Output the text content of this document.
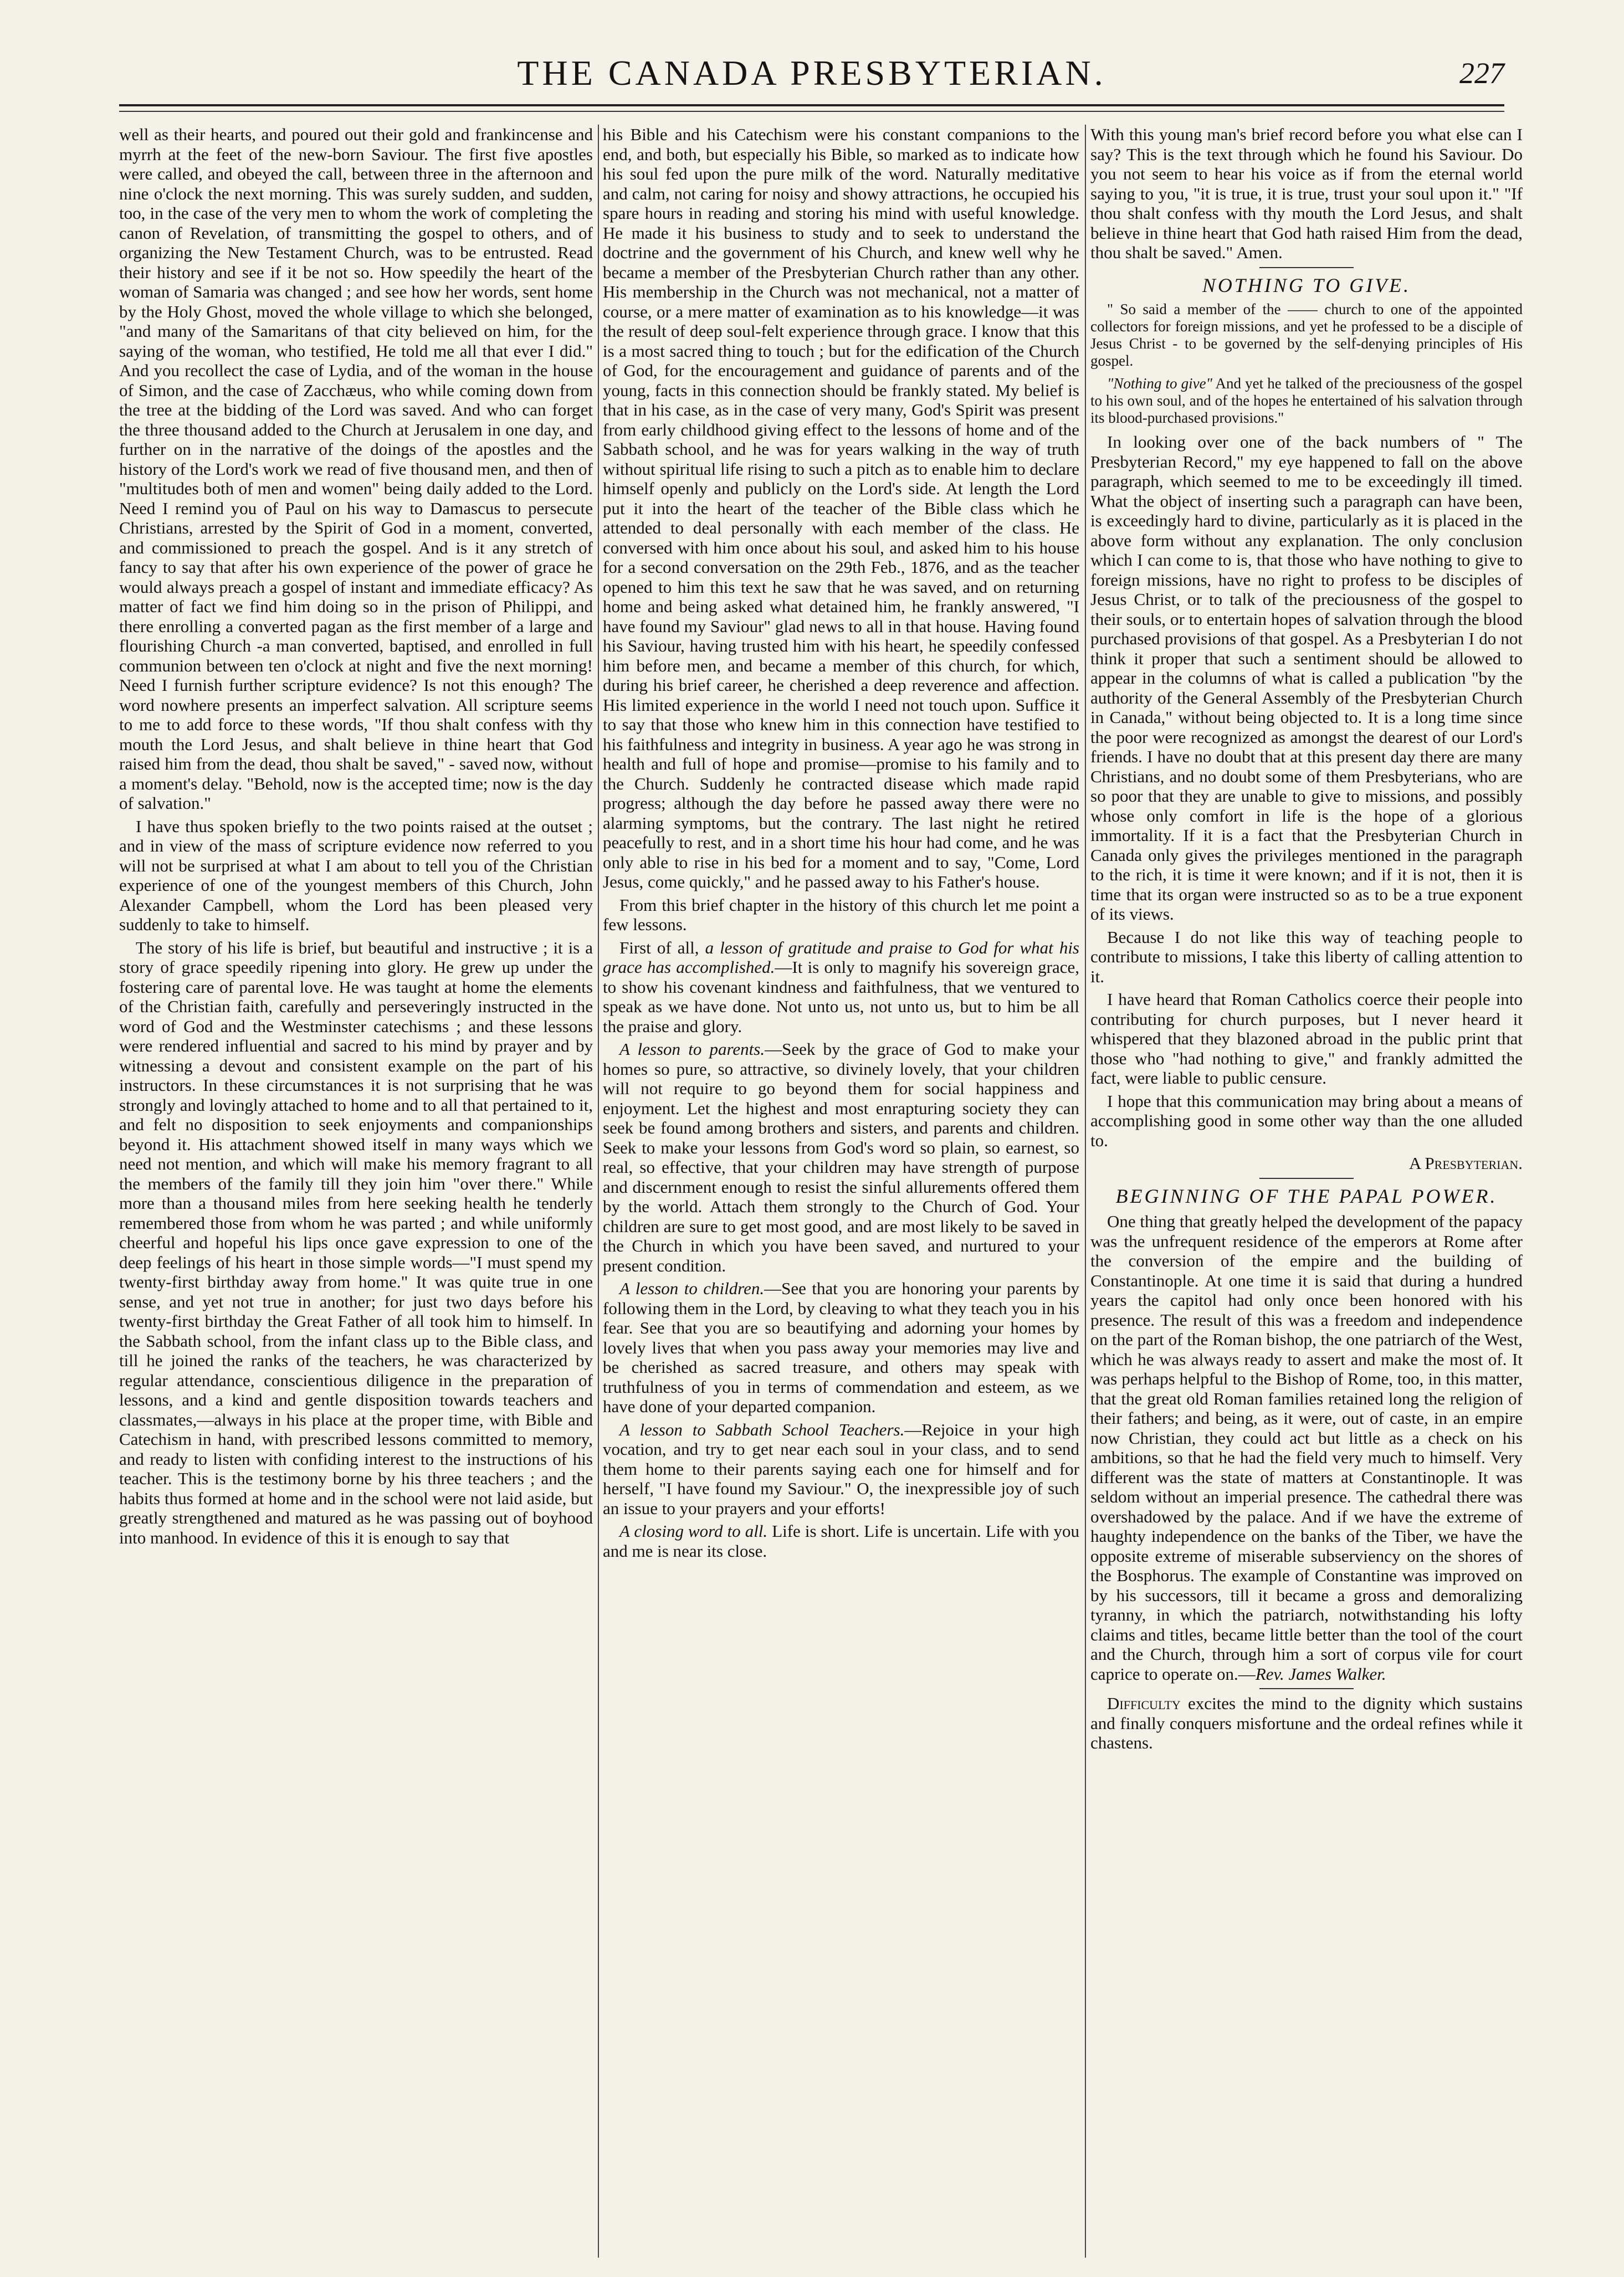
THE CANADA PRESBYTERIAN.	227

well as their hearts, and poured out their gold and frankincense and myrrh at the feet of the new-born Saviour. The first five apostles were called, and obeyed the call, between three in the afternoon and nine o'clock the next morning. This was surely sudden, and sudden, too, in the case of the very men to whom the work of completing the canon of Revelation, of transmitting the gospel to others, and of organizing the New Testament Church, was to be entrusted. Read their history and see if it be not so. How speedily the heart of the woman of Samaria was changed ; and see how her words, sent home by the Holy Ghost, moved the whole village to which she belonged, "and many of the Samaritans of that city believed on him, for the saying of the woman, who testified, He told me all that ever I did." And you recollect the case of Lydia, and of the woman in the house of Simon, and the case of Zacchæus, who while coming down from the tree at the bidding of the Lord was saved. And who can forget the three thousand added to the Church at Jerusalem in one day, and further on in the narrative of the doings of the apostles and the history of the Lord's work we read of five thousand men, and then of "multitudes both of men and women" being daily added to the Lord. Need I remind you of Paul on his way to Damascus to persecute Christians, arrested by the Spirit of God in a moment, converted, and commissioned to preach the gospel. And is it any stretch of fancy to say that after his own experience of the power of grace he would always preach a gospel of instant and immediate efficacy? As matter of fact we find him doing so in the prison of Philippi, and there enrolling a converted pagan as the first member of a large and flourishing Church -a man converted, baptised, and enrolled in full communion between ten o'clock at night and five the next morning! Need I furnish further scripture evidence? Is not this enough? The word nowhere presents an imperfect salvation. All scripture seems to me to add force to these words, "If thou shalt confess with thy mouth the Lord Jesus, and shalt believe in thine heart that God raised him from the dead, thou shalt be saved," - saved now, without a moment's delay. "Behold, now is the accepted time; now is the day of salvation."

I have thus spoken briefly to the two points raised at the outset ; and in view of the mass of scripture evidence now referred to you will not be surprised at what I am about to tell you of the Christian experience of one of the youngest members of this Church, John Alexander Campbell, whom the Lord has been pleased very suddenly to take to himself.

The story of his life is brief, but beautiful and instructive ; it is a story of grace speedily ripening into glory. He grew up under the fostering care of parental love. He was taught at home the elements of the Christian faith, carefully and perseveringly instructed in the word of God and the Westminster catechisms ; and these lessons were rendered influential and sacred to his mind by prayer and by witnessing a devout and consistent example on the part of his instructors. In these circumstances it is not surprising that he was strongly and lovingly attached to home and to all that pertained to it, and felt no disposition to seek enjoyments and companionships beyond it. His attachment showed itself in many ways which we need not mention, and which will make his memory fragrant to all the members of the family till they join him "over there." While more than a thousand miles from here seeking health he tenderly remembered those from whom he was parted ; and while uniformly cheerful and hopeful his lips once gave expression to one of the deep feelings of his heart in those simple words—"I must spend my twenty-first birthday away from home." It was quite true in one sense, and yet not true in another; for just two days before his twenty-first birthday the Great Father of all took him to himself. In the Sabbath school, from the infant class up to the Bible class, and till he joined the ranks of the teachers, he was characterized by regular attendance, conscientious diligence in the preparation of lessons, and a kind and gentle disposition towards teachers and classmates,—always in his place at the proper time, with Bible and Catechism in hand, with prescribed lessons committed to memory, and ready to listen with confiding interest to the instructions of his teacher. This is the testimony borne by his three teachers ; and the habits thus formed at home and in the school were not laid aside, but greatly strengthened and matured as he was passing out of boyhood into manhood. In evidence of this it is enough to say that

his Bible and his Catechism were his constant companions to the end, and both, but especially his Bible, so marked as to indicate how his soul fed upon the pure milk of the word. Naturally meditative and calm, not caring for noisy and showy attractions, he occupied his spare hours in reading and storing his mind with useful knowledge. He made it his business to study and to seek to understand the doctrine and the government of his Church, and knew well why he became a member of the Presbyterian Church rather than any other. His membership in the Church was not mechanical, not a matter of course, or a mere matter of examination as to his knowledge—it was the result of deep soul-felt experience through grace. I know that this is a most sacred thing to touch ; but for the edification of the Church of God, for the encouragement and guidance of parents and of the young, facts in this connection should be frankly stated. My belief is that in his case, as in the case of very many, God's Spirit was present from early childhood giving effect to the lessons of home and of the Sabbath school, and he was for years walking in the way of truth without spiritual life rising to such a pitch as to enable him to declare himself openly and publicly on the Lord's side. At length the Lord put it into the heart of the teacher of the Bible class which he attended to deal personally with each member of the class. He conversed with him once about his soul, and asked him to his house for a second conversation on the 29th Feb., 1876, and as the teacher opened to him this text he saw that he was saved, and on returning home and being asked what detained him, he frankly answered, "I have found my Saviour" glad news to all in that house. Having found his Saviour, having trusted him with his heart, he speedily confessed him before men, and became a member of this church, for which, during his brief career, he cherished a deep reverence and affection. His limited experience in the world I need not touch upon. Suffice it to say that those who knew him in this connection have testified to his faithfulness and integrity in business. A year ago he was strong in health and full of hope and promise—promise to his family and to the Church. Suddenly he contracted disease which made rapid progress; although the day before he passed away there were no alarming symptoms, but the contrary. The last night he retired peacefully to rest, and in a short time his hour had come, and he was only able to rise in his bed for a moment and to say, "Come, Lord Jesus, come quickly," and he passed away to his Father's house.

From this brief chapter in the history of this church let me point a few lessons.

First of all, a lesson of gratitude and praise to God for what his grace has accomplished.—It is only to magnify his sovereign grace, to show his covenant kindness and faithfulness, that we ventured to speak as we have done. Not unto us, not unto us, but to him be all the praise and glory.

A lesson to parents.—Seek by the grace of God to make your homes so pure, so attractive, so divinely lovely, that your children will not require to go beyond them for social happiness and enjoyment. Let the highest and most enrapturing society they can seek be found among brothers and sisters, and parents and children. Seek to make your lessons from God's word so plain, so earnest, so real, so effective, that your children may have strength of purpose and discernment enough to resist the sinful allurements offered them by the world. Attach them strongly to the Church of God. Your children are sure to get most good, and are most likely to be saved in the Church in which you have been saved, and nurtured to your present condition.

A lesson to children.—See that you are honoring your parents by following them in the Lord, by cleaving to what they teach you in his fear. See that you are so beautifying and adorning your homes by lovely lives that when you pass away your memories may live and be cherished as sacred treasure, and others may speak with truthfulness of you in terms of commendation and esteem, as we have done of your departed companion.

A lesson to Sabbath School Teachers.—Rejoice in your high vocation, and try to get near each soul in your class, and to send them home to their parents saying each one for himself and for herself, "I have found my Saviour." O, the inexpressible joy of such an issue to your prayers and your efforts!

A closing word to all. Life is short. Life is uncertain. Life with you and me is near its close.

With this young man's brief record before you what else can I say? This is the text through which he found his Saviour. Do you not seem to hear his voice as if from the eternal world saying to you, "it is true, it is true, trust your soul upon it." "If thou shalt confess with thy mouth the Lord Jesus, and shalt believe in thine heart that God hath raised Him from the dead, thou shalt be saved." Amen.

NOTHING TO GIVE.

" So said a member of the —— church to one of the appointed collectors for foreign missions, and yet he professed to be a disciple of Jesus Christ - to be governed by the self-denying principles of His gospel.

"Nothing to give" And yet he talked of the preciousness of the gospel to his own soul, and of the hopes he entertained of his salvation through its blood-purchased provisions."

In looking over one of the back numbers of " The Presbyterian Record," my eye happened to fall on the above paragraph, which seemed to me to be exceedingly ill timed. What the object of inserting such a paragraph can have been, is exceedingly hard to divine, particularly as it is placed in the above form without any explanation. The only conclusion which I can come to is, that those who have nothing to give to foreign missions, have no right to profess to be disciples of Jesus Christ, or to talk of the preciousness of the gospel to their souls, or to entertain hopes of salvation through the blood purchased provisions of that gospel. As a Presbyterian I do not think it proper that such a sentiment should be allowed to appear in the columns of what is called a publication "by the authority of the General Assembly of the Presbyterian Church in Canada," without being objected to. It is a long time since the poor were recognized as amongst the dearest of our Lord's friends. I have no doubt that at this present day there are many Christians, and no doubt some of them Presbyterians, who are so poor that they are unable to give to missions, and possibly whose only comfort in life is the hope of a glorious immortality. If it is a fact that the Presbyterian Church in Canada only gives the privileges mentioned in the paragraph to the rich, it is time it were known; and if it is not, then it is time that its organ were instructed so as to be a true exponent of its views.

Because I do not like this way of teaching people to contribute to missions, I take this liberty of calling attention to it.

I have heard that Roman Catholics coerce their people into contributing for church purposes, but I never heard it whispered that they blazoned abroad in the public print that those who "had nothing to give," and frankly admitted the fact, were liable to public censure.

I hope that this communication may bring about a means of accomplishing good in some other way than the one alluded to.

A Presbyterian.
BEGINNING OF THE PAPAL POWER.

One thing that greatly helped the development of the papacy was the unfrequent residence of the emperors at Rome after the conversion of the empire and the building of Constantinople. At one time it is said that during a hundred years the capitol had only once been honored with his presence. The result of this was a freedom and independence on the part of the Roman bishop, the one patriarch of the West, which he was always ready to assert and make the most of. It was perhaps helpful to the Bishop of Rome, too, in this matter, that the great old Roman families retained long the religion of their fathers; and being, as it were, out of caste, in an empire now Christian, they could act but little as a check on his ambitions, so that he had the field very much to himself. Very different was the state of matters at Constantinople. It was seldom without an imperial presence. The cathedral there was overshadowed by the palace. And if we have the extreme of haughty independence on the banks of the Tiber, we have the opposite extreme of miserable subserviency on the shores of the Bosphorus. The example of Constantine was improved on by his successors, till it became a gross and demoralizing tyranny, in which the patriarch, notwithstanding his lofty claims and titles, became little better than the tool of the court and the Church, through him a sort of corpus vile for court caprice to operate on.—Rev. James Walker.

Difficulty excites the mind to the dignity which sustains and finally conquers misfortune and the ordeal refines while it chastens.
